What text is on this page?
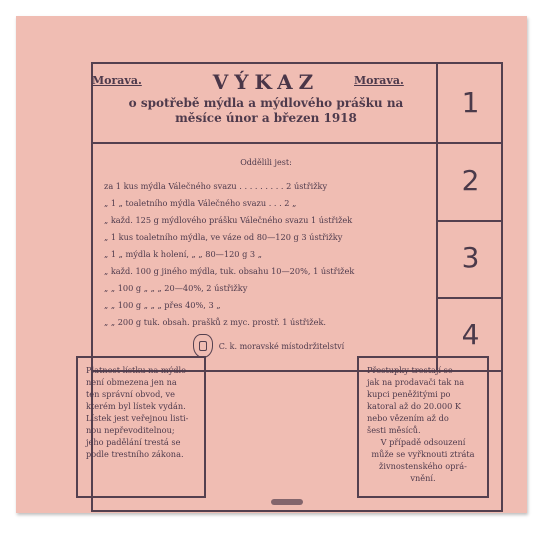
1
2
3
4
Morava.	Morava.
VÝKAZ
o spotřebě mýdla a mýdlového prášku na
měsíce únor a březen 1918
Oddělili jest:
za 1 kus mýdla Válečného svazu . . . . . . . . . 2 ústřižky
„ 1 „ toaletního mýdla Válečného svazu . . . 2 „
„ každ. 125 g mýdlového prášku Válečného svazu 1 ústřižek
„ 1 kus toaletního mýdla, ve váze od 80—120 g 3 ústřižky
„ 1 „ mýdla k holení, „ „ 80—120 g 3 „
„ každ. 100 g jiného mýdla, tuk. obsahu 10—20%, 1 ústřižek
„ „ 100 g „ „ „ 20—40%, 2 ústřižky
„ „ 100 g „ „ „ přes 40%, 3 „
„ „ 200 g tuk. obsah. prašků z myc. prostř. 1 ústřižek.
C. k. moravské místodržitelství

Platnost lístku na mýdlo

není obmezena jen na

ten správní obvod, ve

kterém byl lístek vydán.

Lístek jest veřejnou listi-

nou nepřevoditelnou;

jeho padělání trestá se

podle trestního zákona.

Přestupky trestají se

jak na prodavači tak na

kupci peněžitými po

katoral až do 20.000 K

nebo vězením až do

šesti měsíců.

V případě odsouzení

může se vyřknouti ztráta

živnostenského oprá-

vnění.
